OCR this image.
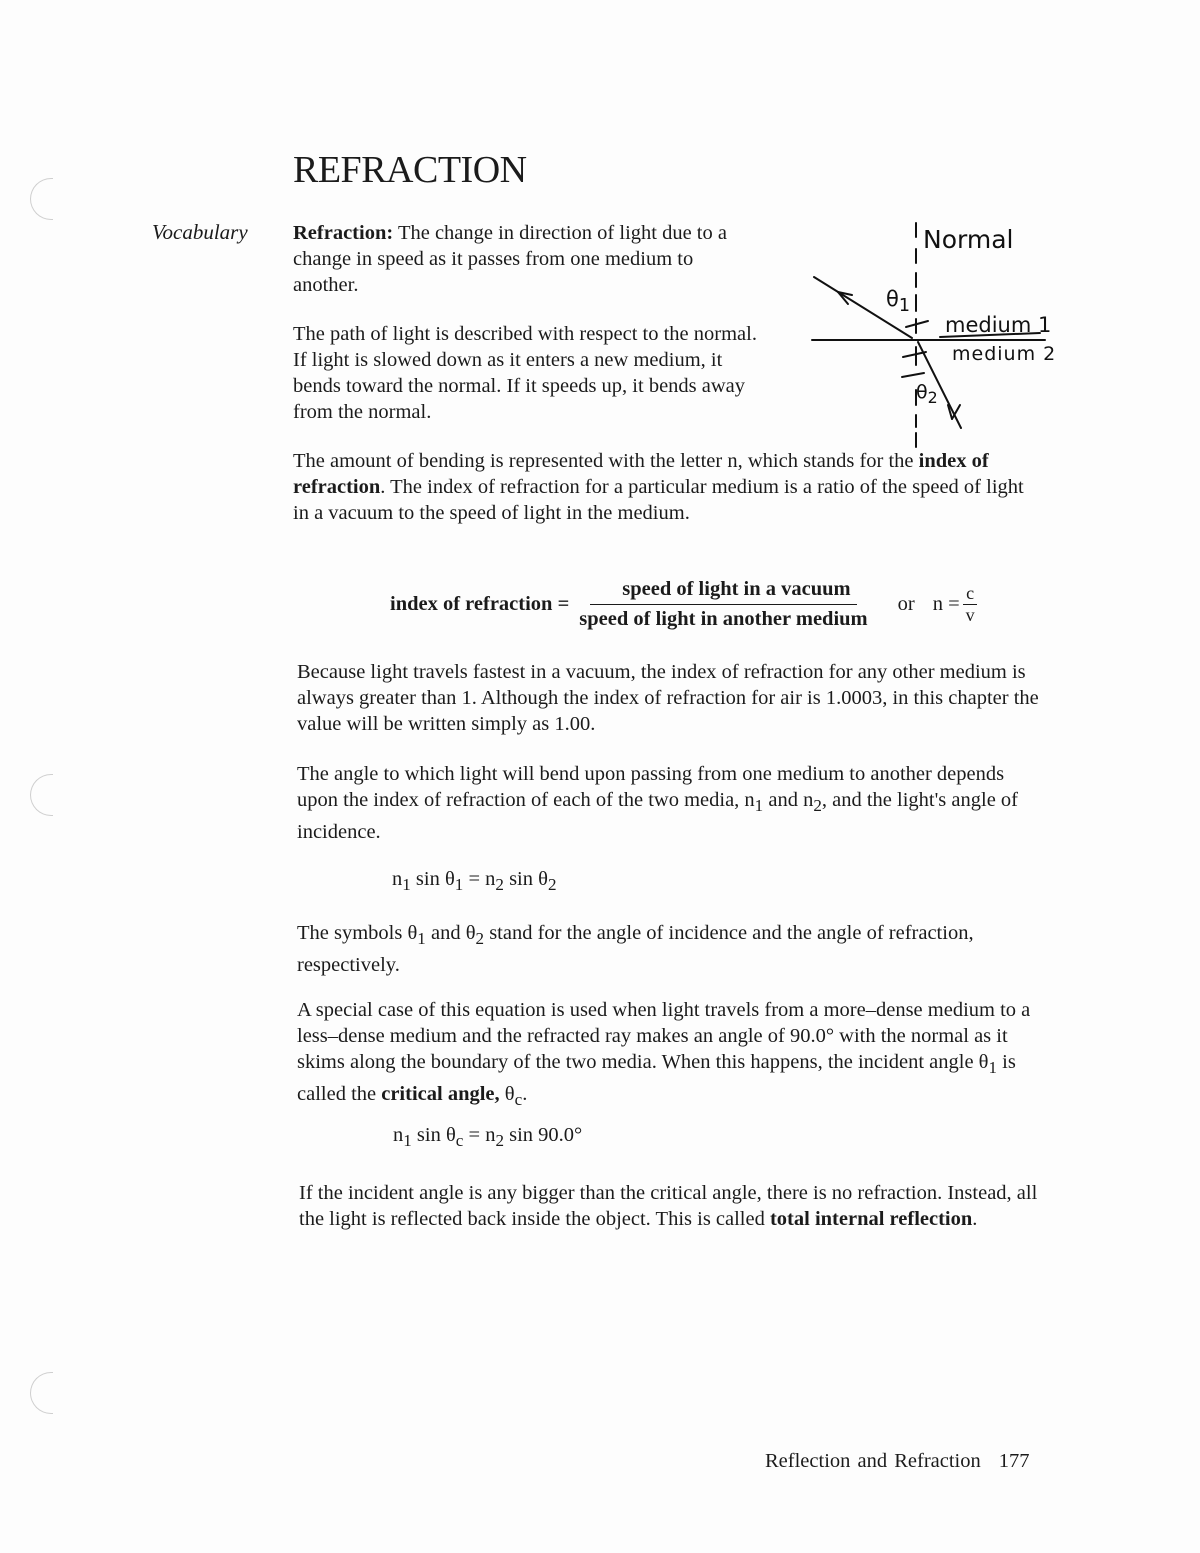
REFRACTION
Vocabulary Refraction: The change in direction of light due to a change in speed as it passes from one medium to another.

The path of light is described with respect to the normal. If light is slowed down as it enters a new medium, it bends toward the normal. If it speeds up, it bends away from the normal.

The amount of bending is represented with the letter n, which stands for the index of refraction. The index of refraction for a particular medium is a ratio of the speed of light in a vacuum to the speed of light in the medium.

index of refraction = $\frac{\text{speed of light in a vacuum}}{\text{speed of light in another medium}}$ or $n = \frac{c}{v}$

Because light travels fastest in a vacuum, the index of refraction for any other medium is always greater than 1. Although the index of refraction for air is 1.0003, in this chapter the value will be written simply as 1.00.

The angle to which light will bend upon passing from one medium to another depends upon the index of refraction of each of the two media, $n_1$ and $n_2$, and the light's angle of incidence.

$n_1$ $\sin \theta_1 = n_2$ $\sin \theta_2$

The symbols $\theta_1$ and $\theta_2$ stand for the angle of incidence and the angle of refraction, respectively.

A special case of this equation is used when light travels from a more–dense medium to a less–dense medium and the refracted ray makes an angle of 90.0° with the normal as it skims along the boundary of the two media. When this happens, the incident angle $\theta_1$ is called the critical angle, $\theta_c$.

$n_1$ $\sin \theta_c = n_2$ sin 90.0°

If the incident angle is any bigger than the critical angle, there is no refraction. Instead, all the light is reflected back inside the object. This is called total internal reflection.

Normal
medium 1
medium 2
$\theta_1$
$\theta_2$
Reflection and Refraction 177
